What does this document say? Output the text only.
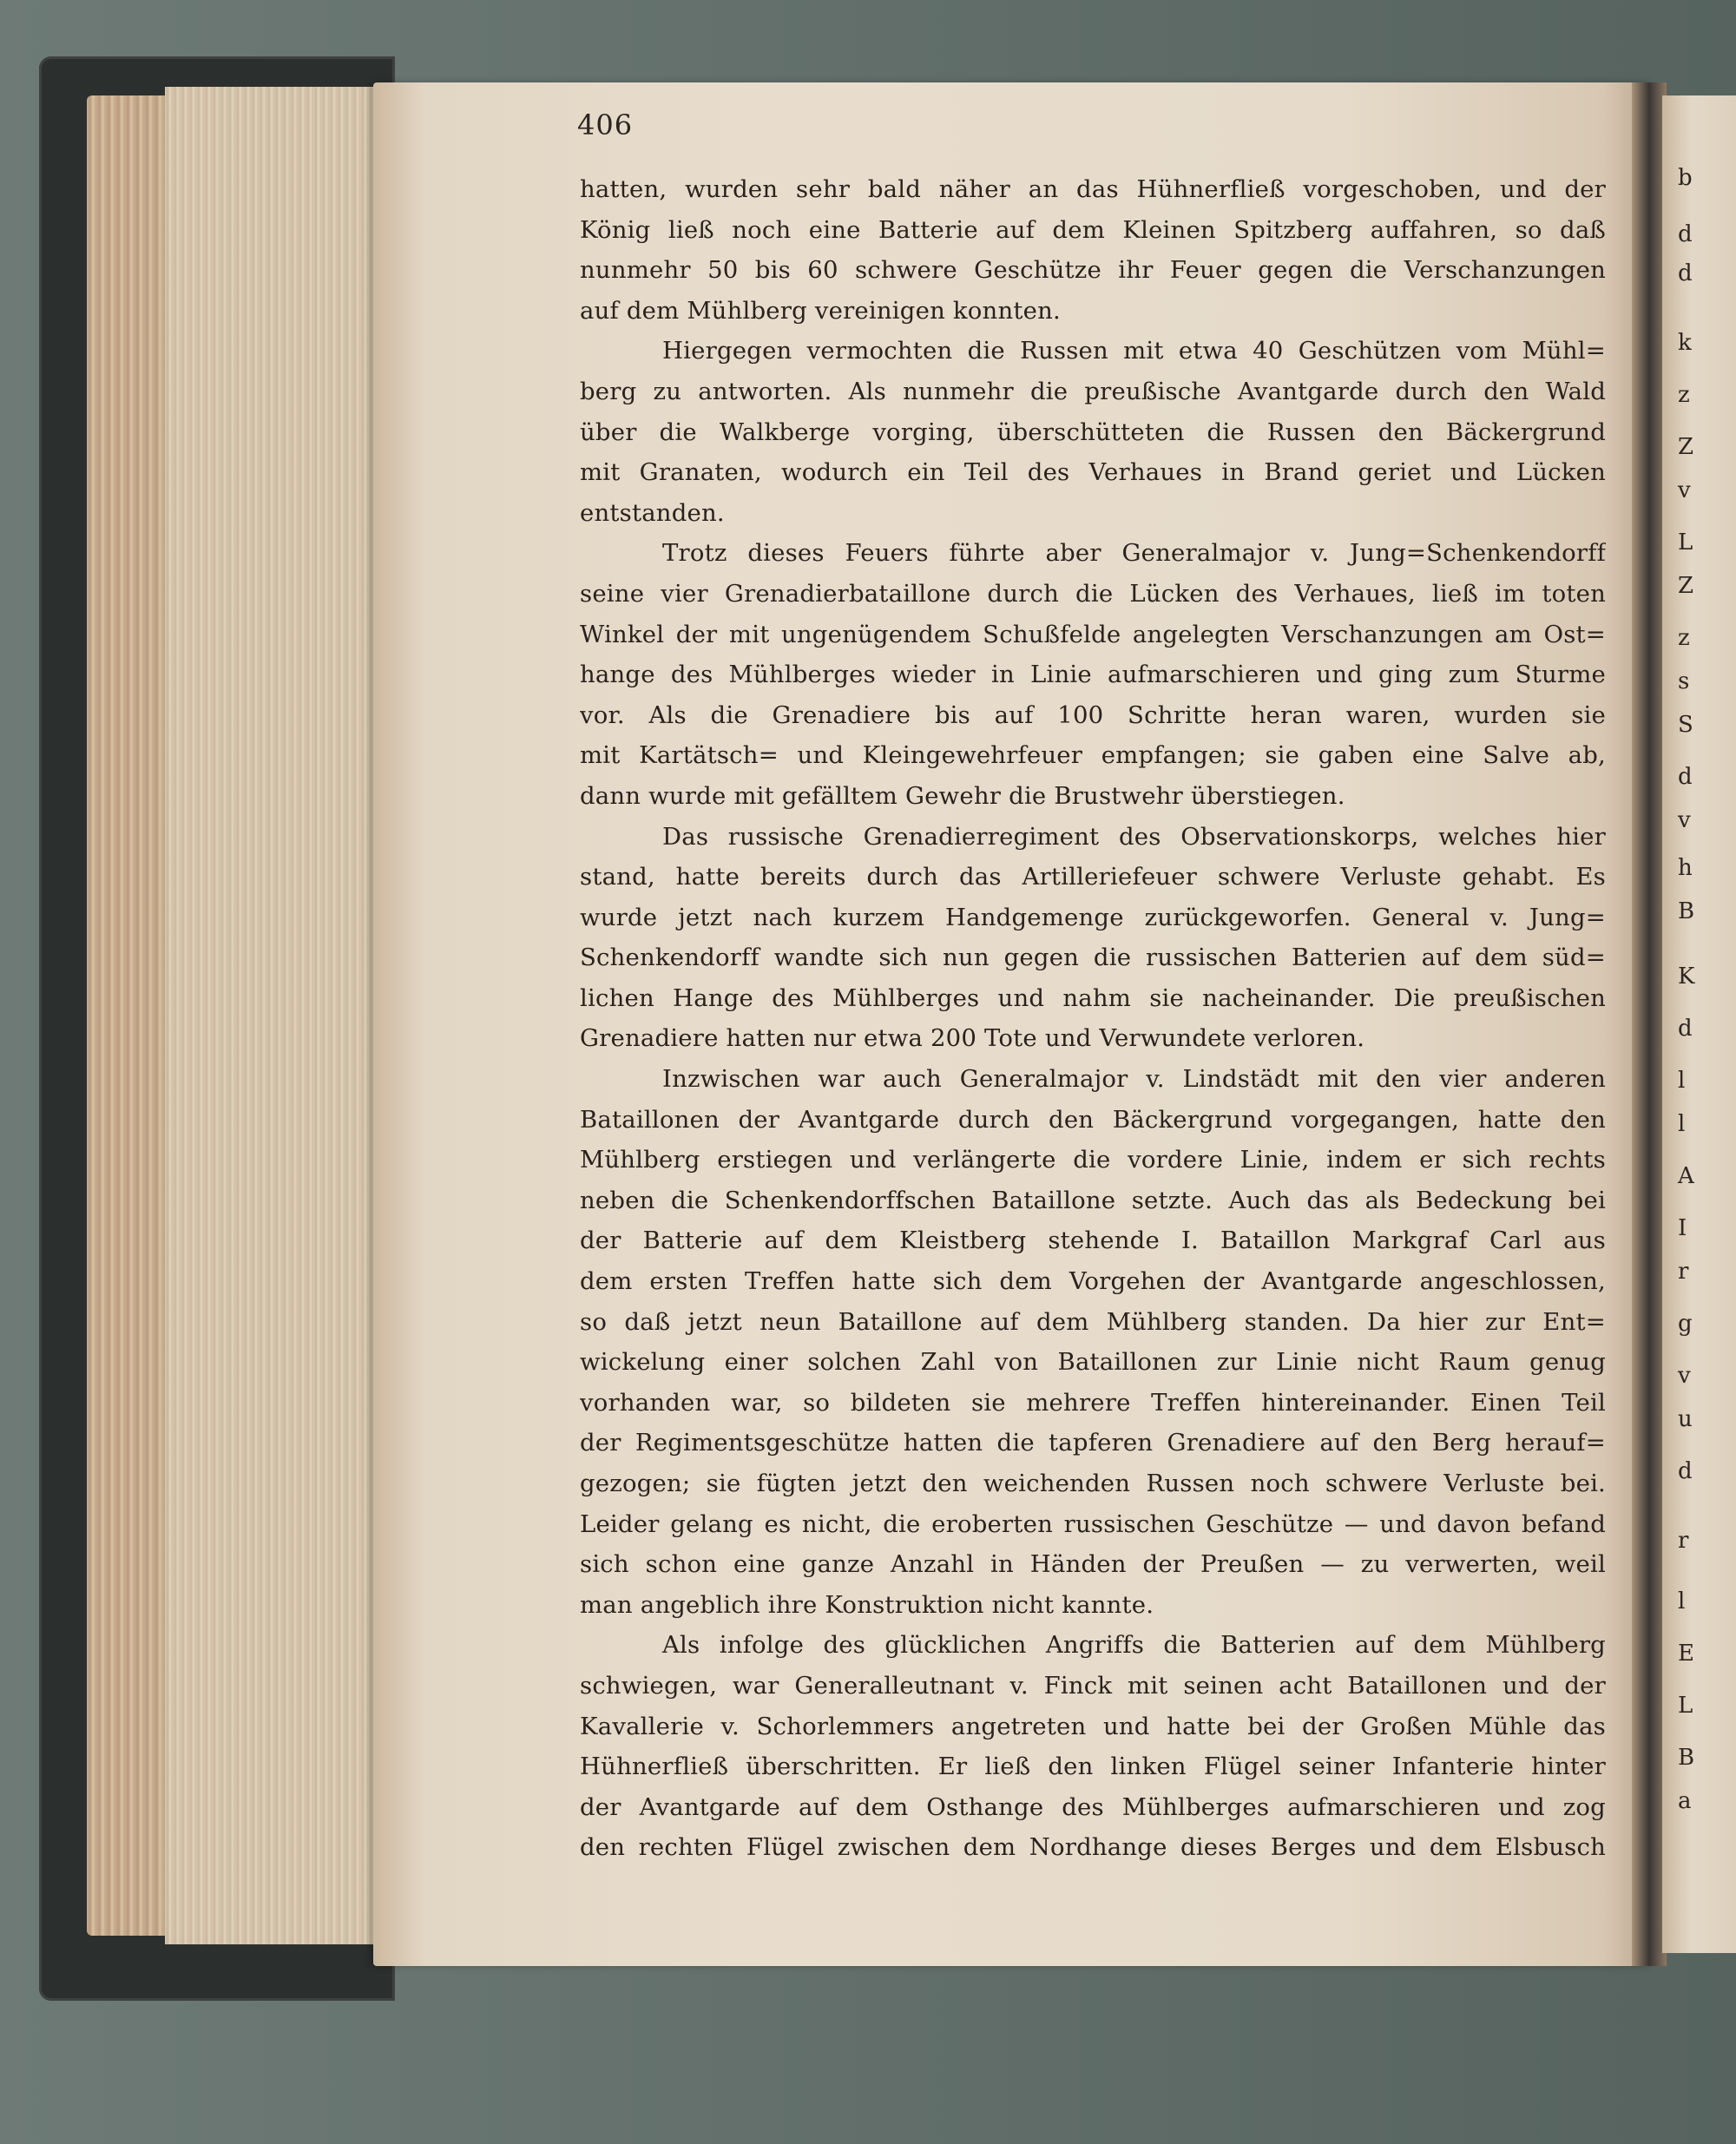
b
d
d
k
z
Z
v
L
Z
z
s
S
d
v
h
B
K
d
l
l
A
I
r
g
v
u
d
r
l
E
L
B
a
406
hatten, wurden sehr bald näher an das Hühnerfließ vorgeschoben, und der
König ließ noch eine Batterie auf dem Kleinen Spitzberg auffahren, so daß
nunmehr 50 bis 60 schwere Geschütze ihr Feuer gegen die Verschanzungen
auf dem Mühlberg vereinigen konnten.
Hiergegen vermochten die Russen mit etwa 40 Geschützen vom Mühl=
berg zu antworten. Als nunmehr die preußische Avantgarde durch den Wald
über die Walkberge vorging, überschütteten die Russen den Bäckergrund
mit Granaten, wodurch ein Teil des Verhaues in Brand geriet und Lücken
entstanden.
Trotz dieses Feuers führte aber Generalmajor v. Jung=Schenkendorff
seine vier Grenadierbataillone durch die Lücken des Verhaues, ließ im toten
Winkel der mit ungenügendem Schußfelde angelegten Verschanzungen am Ost=
hange des Mühlberges wieder in Linie aufmarschieren und ging zum Sturme
vor. Als die Grenadiere bis auf 100 Schritte heran waren, wurden sie
mit Kartätsch= und Kleingewehrfeuer empfangen; sie gaben eine Salve ab,
dann wurde mit gefälltem Gewehr die Brustwehr überstiegen.
Das russische Grenadierregiment des Observationskorps, welches hier
stand, hatte bereits durch das Artilleriefeuer schwere Verluste gehabt. Es
wurde jetzt nach kurzem Handgemenge zurückgeworfen. General v. Jung=
Schenkendorff wandte sich nun gegen die russischen Batterien auf dem süd=
lichen Hange des Mühlberges und nahm sie nacheinander. Die preußischen
Grenadiere hatten nur etwa 200 Tote und Verwundete verloren.
Inzwischen war auch Generalmajor v. Lindstädt mit den vier anderen
Bataillonen der Avantgarde durch den Bäckergrund vorgegangen, hatte den
Mühlberg erstiegen und verlängerte die vordere Linie, indem er sich rechts
neben die Schenkendorffschen Bataillone setzte. Auch das als Bedeckung bei
der Batterie auf dem Kleistberg stehende I. Bataillon Markgraf Carl aus
dem ersten Treffen hatte sich dem Vorgehen der Avantgarde angeschlossen,
so daß jetzt neun Bataillone auf dem Mühlberg standen. Da hier zur Ent=
wickelung einer solchen Zahl von Bataillonen zur Linie nicht Raum genug
vorhanden war, so bildeten sie mehrere Treffen hintereinander. Einen Teil
der Regimentsgeschütze hatten die tapferen Grenadiere auf den Berg herauf=
gezogen; sie fügten jetzt den weichenden Russen noch schwere Verluste bei.
Leider gelang es nicht, die eroberten russischen Geschütze — und davon befand
sich schon eine ganze Anzahl in Händen der Preußen — zu verwerten, weil
man angeblich ihre Konstruktion nicht kannte.
Als infolge des glücklichen Angriffs die Batterien auf dem Mühlberg
schwiegen, war Generalleutnant v. Finck mit seinen acht Bataillonen und der
Kavallerie v. Schorlemmers angetreten und hatte bei der Großen Mühle das
Hühnerfließ überschritten. Er ließ den linken Flügel seiner Infanterie hinter
der Avantgarde auf dem Osthange des Mühlberges aufmarschieren und zog
den rechten Flügel zwischen dem Nordhange dieses Berges und dem Elsbusch
